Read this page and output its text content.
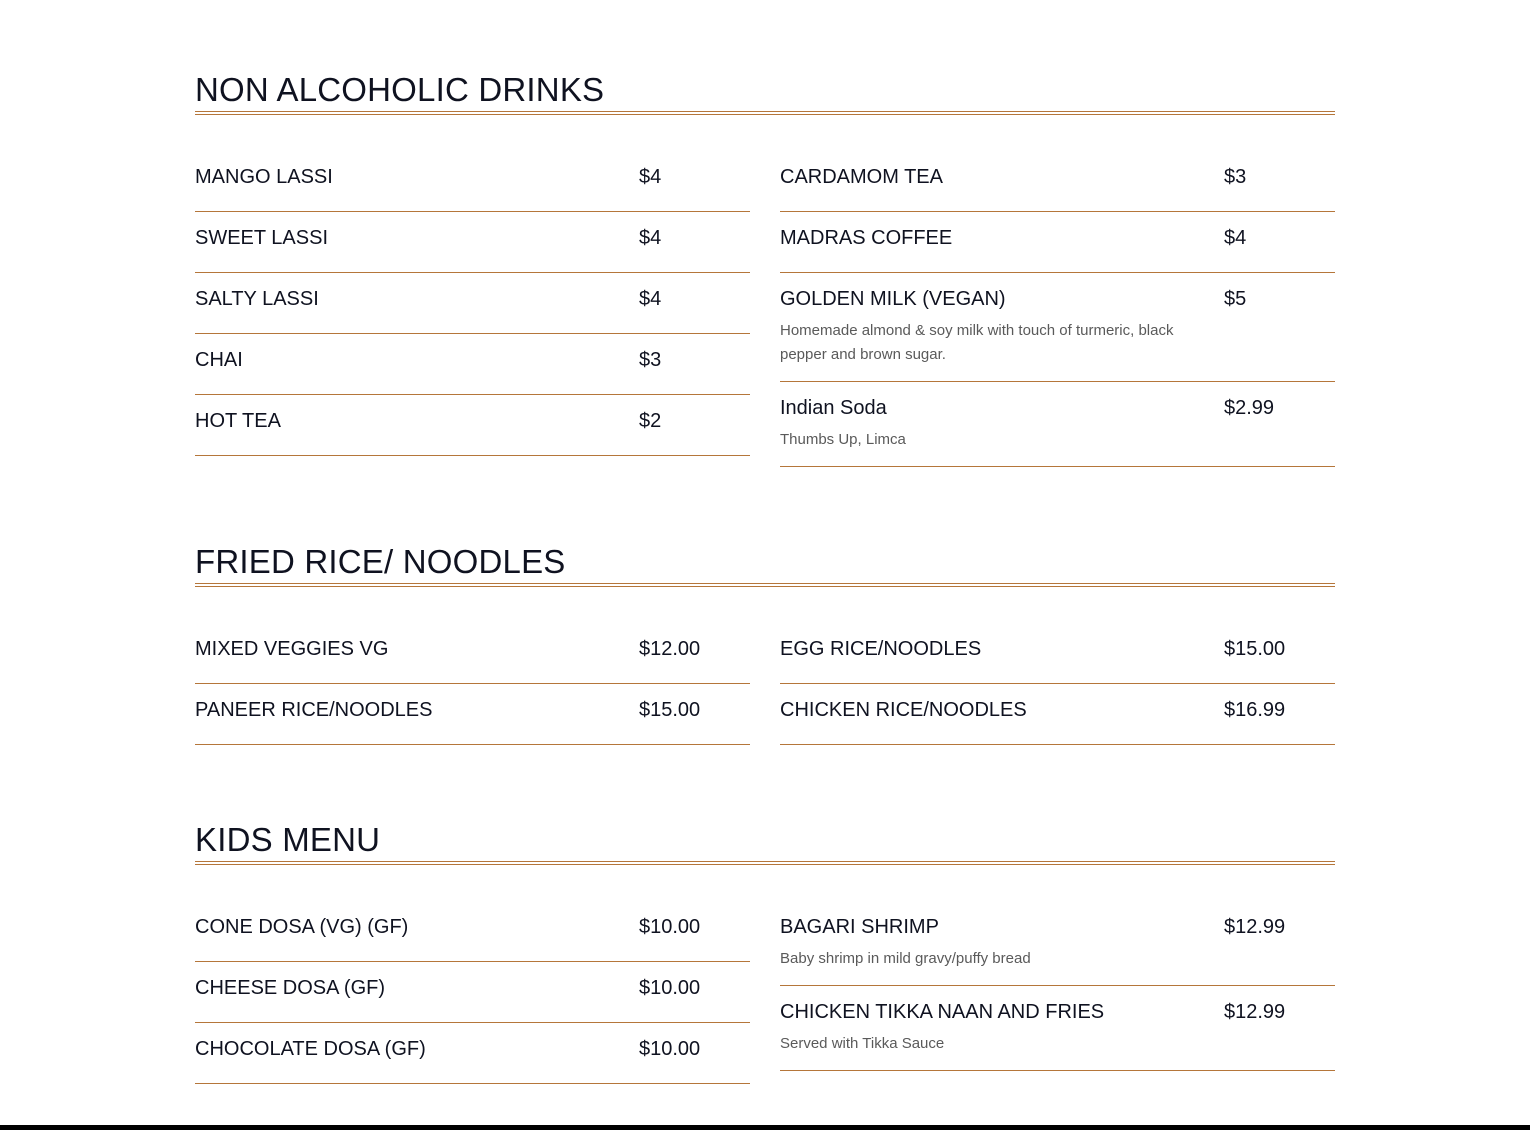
NON ALCOHOLIC DRINKS
MANGO LASSI	$4
SWEET LASSI	$4
SALTY LASSI	$4
CHAI	$3
HOT TEA	$2
CARDAMOM TEA	$3
MADRAS COFFEE	$4
GOLDEN MILK (VEGAN)	$5
Homemade almond & soy milk with touch of turmeric, black pepper and brown sugar.
Indian Soda	$2.99
Thumbs Up, Limca
FRIED RICE/ NOODLES
MIXED VEGGIES VG	$12.00
PANEER RICE/NOODLES	$15.00
EGG RICE/NOODLES	$15.00
CHICKEN RICE/NOODLES	$16.99
KIDS MENU
CONE DOSA (VG) (GF)	$10.00
CHEESE DOSA (GF)	$10.00
CHOCOLATE DOSA (GF)	$10.00
BAGARI SHRIMP	$12.99
Baby shrimp in mild gravy/puffy bread
CHICKEN TIKKA NAAN AND FRIES	$12.99
Served with Tikka Sauce
